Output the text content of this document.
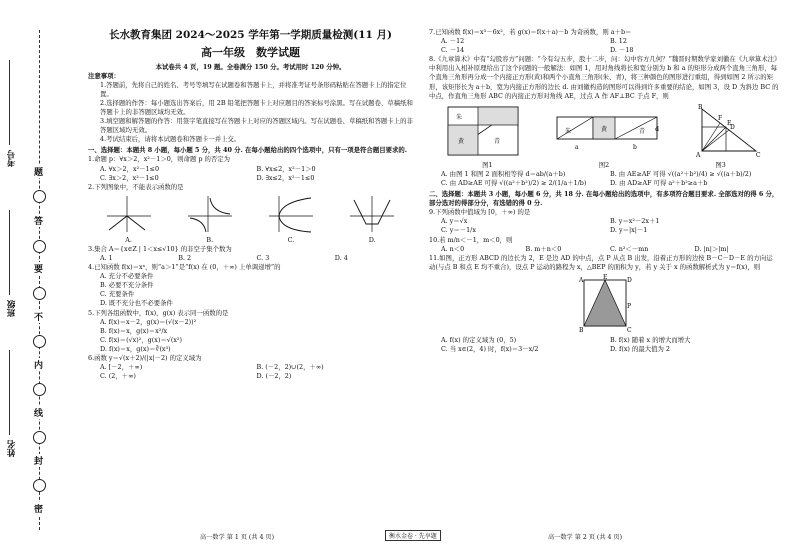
考号
班级
姓名
题
答
要
不
内
线
封
密
长水教育集团 2024～2025 学年第一学期质量检测(11 月)
高一年级　数学试题
本试卷共 4 页，19 题。全卷满分 150 分。考试用时 120 分钟。
注意事项：
1.答题前，先将自己的姓名、考号等填写在试题卷和答题卡上，并将准考证号条形码粘贴在答题卡上的指定位置。
2.选择题的作答：每小题选出答案后，用 2B 铅笔把答题卡上对应题目的答案标号涂黑。写在试题卷、草稿纸和答题卡上的非答题区域均无效。
3.填空题和解答题的作答：用签字笔直接写在答题卡上对应的答题区域内。写在试题卷、草稿纸和答题卡上的非答题区域均无效。
4.考试结束后，请将本试题卷和答题卡一并上交。
一、选择题：本题共 8 小题，每小题 5 分，共 40 分. 在每小题给出的四个选项中，只有一项是符合题目要求的.
1.命题 p：∀x＞2，x²－1＞0，则命题 p 的否定为
A. ∀x＞2，x²－1≤0	B. ∀x≤2，x²－1＞0
C. ∃x＞2，x²－1≤0	D. ∃x≤2，x²－1≤0
2.下列图象中，不能表示函数的是
A.	B.	C.	D.
3.集合 A＝{x∈Z | 1＜x≤√10} 的非空子集个数为
A. 1	B. 2	C. 3	D. 4
4.已知函数 f(x)＝xᵃ，则“a＞1”是“f(x) 在 (0，＋∞) 上单调递增”的
A. 充分不必要条件
B. 必要不充分条件
C. 充要条件
D. 既不充分也不必要条件
5.下列各组函数中，f(x)，g(x) 表示同一函数的是
A. f(x)＝x－2，g(x)＝(√(x－2))²
B. f(x)＝x，g(x)＝x²/x
C. f(x)＝(√x)²，g(x)＝√(x²)
D. f(x)＝x，g(x)＝∛(x³)
6.函数 y＝√(x＋2)/(|x|－2) 的定义域为
A. [－2，＋∞)	B. (－2，2)∪(2，＋∞)
C. (2，＋∞)	D. (－2，2)
7.已知函数 f(x)＝x³－6x²，若 g(x)＝f(x＋a)－b 为奇函数，则 a＋b＝
A. －12	B. 12
C. －14	D. －18
8.《九章算术》中有“勾股容方”问题：“今有勾五步，股十二步，问：勾中容方几何？”魏晋时期数学家刘徽在《九章算术注》中利用出入相补原理给出了这个问题的一般解法：如图 1，用对角线将长和宽分别为 b 和 a 的矩形分成两个直角三角形，每个直角三角形再分成一个内接正方形(黄)和两个小直角三角形(朱、青)，将三种颜色的图形进行重组，得到如图 2 所示的矩形，该矩形长为 a＋b，宽为内接正方形的边长 d. 由刘徽构造的图形可以得到许多重要的结论，如图 3，设 D 为斜边 BC 的中点，作直角三角形 ABC 的内接正方形对角线 AE，过点 A 作 AF⊥BC 于点 F，则
朱
黄	青
朱	黄	青
a	b
d
A
B
C
D
E
F
图1	图2	图3
A. 由图 1 和图 2 面积相等得 d＝ab/(a＋b)	B. 由 AE≥AF 可得 √((a²＋b²)/4) ≥ √((a＋b)/2)
C. 由 AD≥AE 可得 √((a²＋b²)/2) ≥ 2/(1/a＋1/b)	D. 由 AD≥AF 可得 a²＋b²≥a＋b
二、选择题：本题共 3 小题，每小题 6 分，共 18 分. 在每小题给出的选项中，有多项符合题目要求. 全部选对的得 6 分，部分选对的得部分分，有选错的得 0 分.
9.下列函数中值域为 [0，＋∞) 的是
A. y＝√x	B. y＝x²－2x＋1
C. y＝－1/x	D. y＝|x|－1
10.若 m/n＜－1，m＜0，则
A. n＜0	B. m＋n＜0	C. n²＜－mn	D. |n|＞|m|
11.如图，正方形 ABCD 的边长为 2，E 是边 AD 的中点，点 P 从点 B 出发，沿着正方形的边按 B－C－D－E 的方向运动(与点 B 和点 E 均不重合)，设点 P 运动的路程为 x，△BEP 的面积为 y，若 y 关于 x 的函数解析式为 y＝f(x)，则
A	E	D
B	C
P
A. f(x) 的定义域为 (0，5)	B. f(x) 随着 x 的增大而增大
C. 当 x∈(2，4) 时，f(x)＝3－x/2	D. f(x) 的最大值为 2
高一数学 第 1 页 (共 4 页)	衡水金卷 · 先享题	高一数学 第 2 页 (共 4 页)
